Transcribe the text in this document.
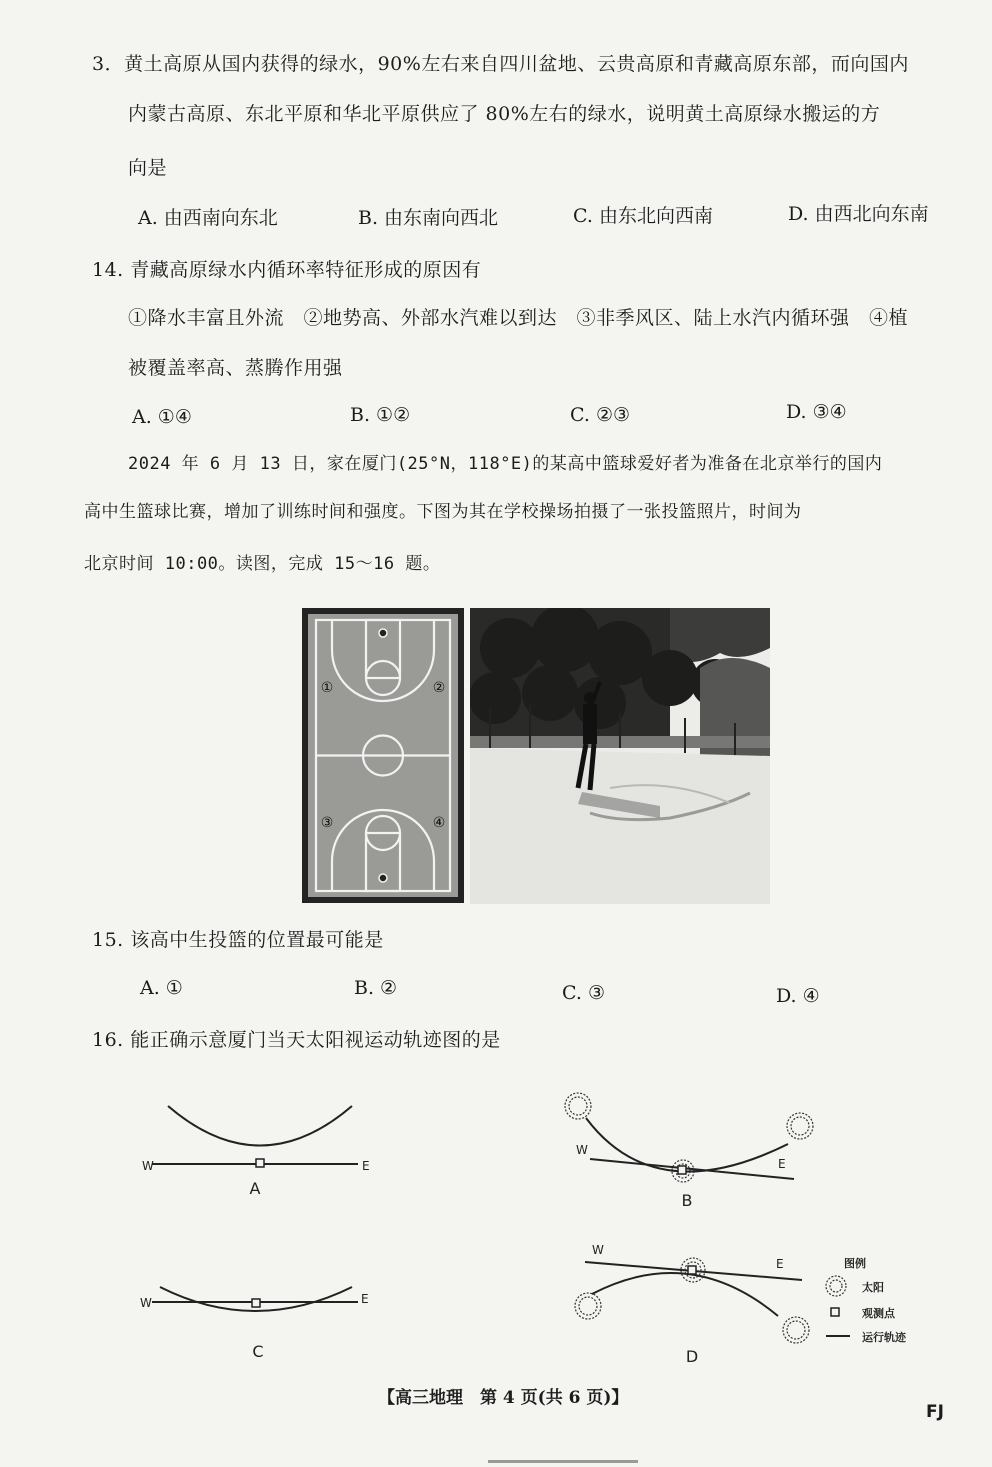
3．黄土高原从国内获得的绿水，90%左右来自四川盆地、云贵高原和青藏高原东部，而向国内
内蒙古高原、东北平原和华北平原供应了 80%左右的绿水，说明黄土高原绿水搬运的方
向是
A. 由西南向东北	B. 由东南向西北	C. 由东北向西南	D. 由西北向东南
14. 青藏高原绿水内循环率特征形成的原因有
①降水丰富且外流　②地势高、外部水汽难以到达　③非季风区、陆上水汽内循环强　④植
被覆盖率高、蒸腾作用强
A. ①④	B. ①②	C. ②③	D. ③④
2024 年 6 月 13 日，家在厦门(25°N，118°E)的某高中篮球爱好者为准备在北京举行的国内
高中生篮球比赛，增加了训练时间和强度。下图为其在学校操场拍摄了一张投篮照片，时间为
北京时间 10:00。读图，完成 15～16 题。
①	②
③	④
15. 该高中生投篮的位置最可能是
A. ①	B. ②	C. ③	D. ④
16. 能正确示意厦门当天太阳视运动轨迹图的是
W	E
A
W
E
B
W	E
C
W
E
D
图例
太阳
观测点
运行轨迹
【高三地理　第 4 页(共 6 页)】
FJ
